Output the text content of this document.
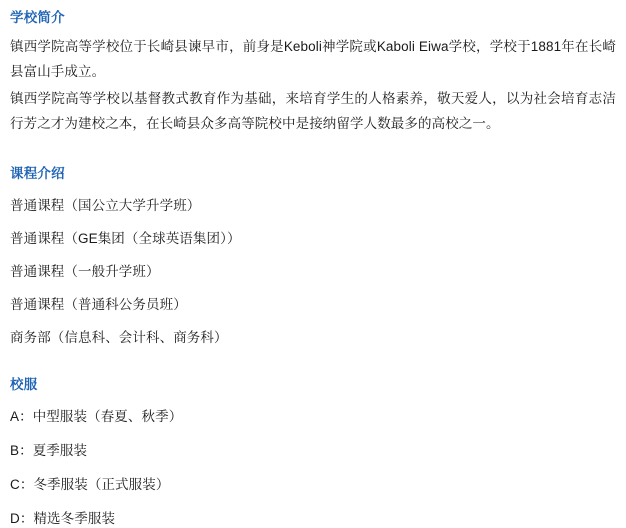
学校简介

镇西学院高等学校位于长崎县谏早市，前身是Keboli神学院或Kaboli Eiwa学校，学校于1881年在长崎县富山手成立。

镇西学院高等学校以基督教式教育作为基础，来培育学生的人格素养，敬天爱人，以为社会培育志洁行芳之才为建校之本，在长崎县众多高等院校中是接纳留学人数最多的高校之一。

课程介绍
普通课程（国公立大学升学班）
普通课程（GE集团（全球英语集团））
普通课程（一般升学班）
普通课程（普通科公务员班）
商务部（信息科、会计科、商务科）
校服
A：中型服装（春夏、秋季）
B：夏季服装
C：冬季服装（正式服装）
D：精选冬季服装
